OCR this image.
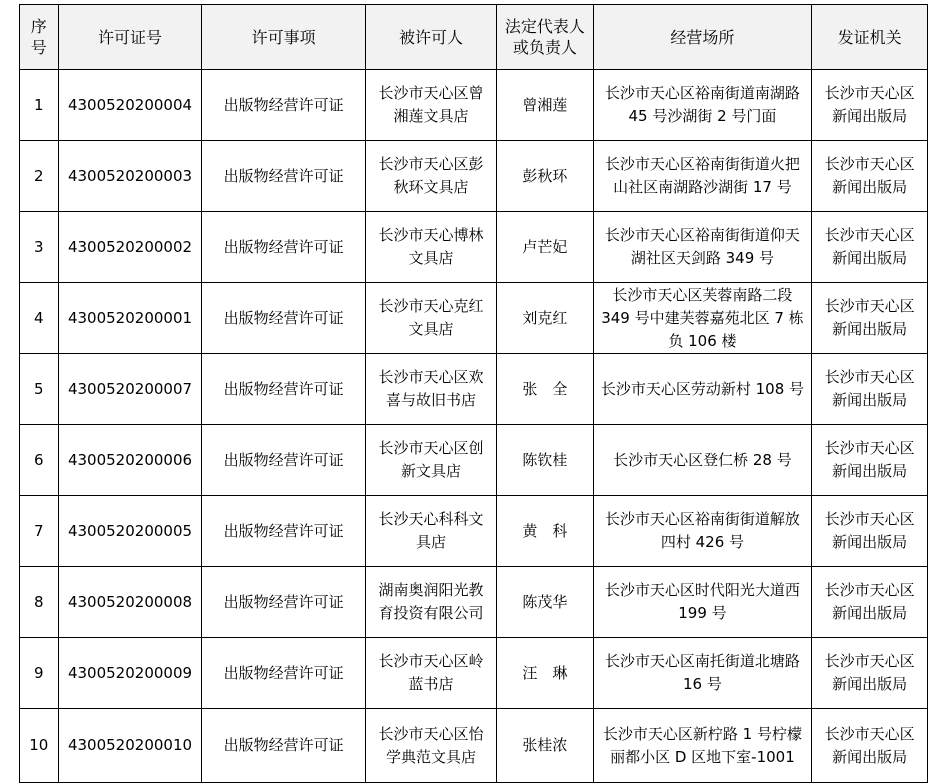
序号	许可证号	许可事项	被许可人	法定代表人或负责人	经营场所	发证机关
1	4300520200004	出版物经营许可证	长沙市天心区曾湘莲文具店	曾湘莲	长沙市天心区裕南街道南湖路 45 号沙湖街 2 号门面	长沙市天心区新闻出版局
2	4300520200003	出版物经营许可证	长沙市天心区彭秋环文具店	彭秋环	长沙市天心区裕南街街道火把山社区南湖路沙湖街 17 号	长沙市天心区新闻出版局
3	4300520200002	出版物经营许可证	长沙市天心博林文具店	卢芒妃	长沙市天心区裕南街街道仰天湖社区天剑路 349 号	长沙市天心区新闻出版局
4	4300520200001	出版物经营许可证	长沙市天心克红文具店	刘克红	长沙市天心区芙蓉南路二段 349 号中建芙蓉嘉苑北区 7 栋负 106 楼	长沙市天心区新闻出版局
5	4300520200007	出版物经营许可证	长沙市天心区欢喜与故旧书店	张　全	长沙市天心区劳动新村 108 号	长沙市天心区新闻出版局
6	4300520200006	出版物经营许可证	长沙市天心区创新文具店	陈钦桂	长沙市天心区登仁桥 28 号	长沙市天心区新闻出版局
7	4300520200005	出版物经营许可证	长沙天心科科文具店	黄　科	长沙市天心区裕南街街道解放四村 426 号	长沙市天心区新闻出版局
8	4300520200008	出版物经营许可证	湖南奥润阳光教育投资有限公司	陈茂华	长沙市天心区时代阳光大道西 199 号	长沙市天心区新闻出版局
9	4300520200009	出版物经营许可证	长沙市天心区岭蓝书店	汪　琳	长沙市天心区南托街道北塘路 16 号	长沙市天心区新闻出版局
10	4300520200010	出版物经营许可证	长沙市天心区怡学典范文具店	张桂浓	长沙市天心区新柠路 1 号柠檬丽都小区 D 区地下室-1001	长沙市天心区新闻出版局
